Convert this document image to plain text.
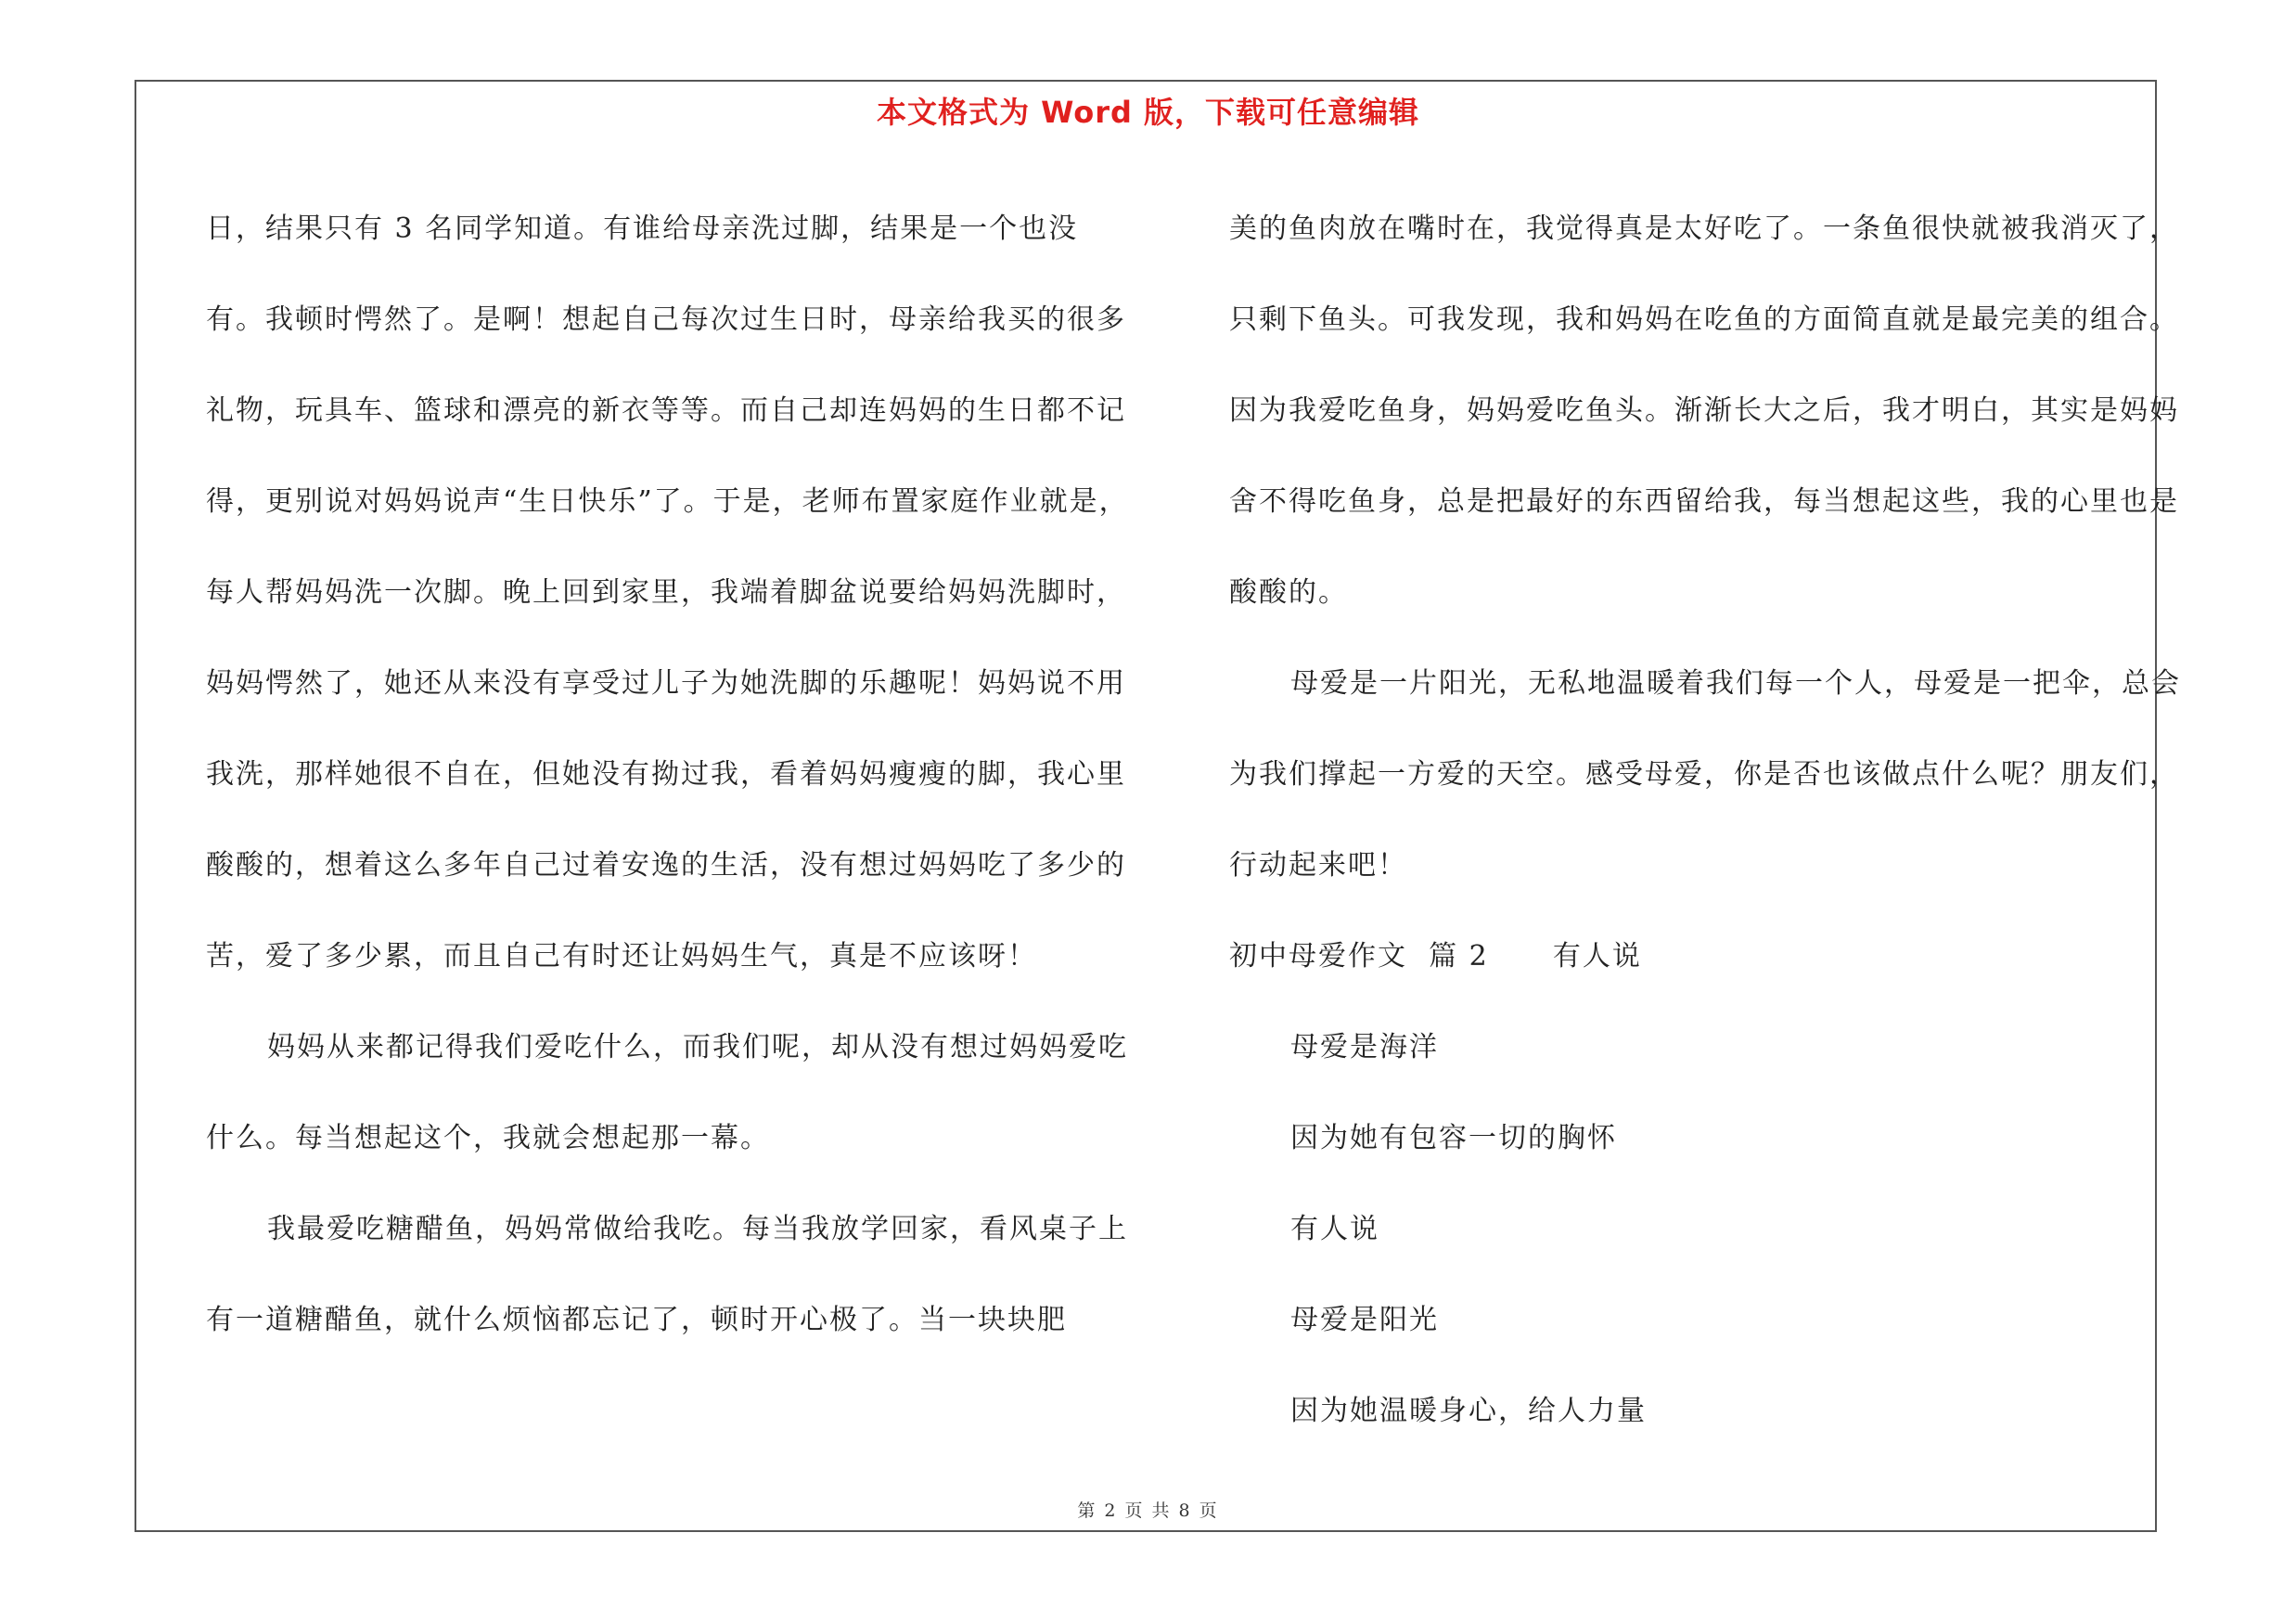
本文格式为 Word 版，下载可任意编辑

日，结果只有 3 名同学知道。有谁给母亲洗过脚，结果是一个也没有。我顿时愕然了。是啊！想起自己每次过生日时，母亲给我买的很多礼物，玩具车、篮球和漂亮的新衣等等。而自己却连妈妈的生日都不记得，更别说对妈妈说声“生日快乐”了。于是，老师布置家庭作业就是，每人帮妈妈洗一次脚。晚上回到家里，我端着脚盆说要给妈妈洗脚时，妈妈愕然了，她还从来没有享受过儿子为她洗脚的乐趣呢！妈妈说不用我洗，那样她很不自在，但她没有拗过我，看着妈妈瘦瘦的脚，我心里酸酸的，想着这么多年自己过着安逸的生活，没有想过妈妈吃了多少的苦，爱了多少累，而且自己有时还让妈妈生气，真是不应该呀！

妈妈从来都记得我们爱吃什么，而我们呢，却从没有想过妈妈爱吃什么。每当想起这个，我就会想起那一幕。

我最爱吃糖醋鱼，妈妈常做给我吃。每当我放学回家，看风桌子上有一道糖醋鱼，就什么烦恼都忘记了，顿时开心极了。当一块块肥

美的鱼肉放在嘴时在，我觉得真是太好吃了。一条鱼很快就被我消灭了，只剩下鱼头。可我发现，我和妈妈在吃鱼的方面简直就是最完美的组合。因为我爱吃鱼身，妈妈爱吃鱼头。渐渐长大之后，我才明白，其实是妈妈舍不得吃鱼身，总是把最好的东西留给我，每当想起这些，我的心里也是酸酸的。

母爱是一片阳光，无私地温暖着我们每一个人，母爱是一把伞，总会为我们撑起一方爱的天空。感受母爱，你是否也该做点什么呢？朋友们，行动起来吧！

初中母爱作文  篇 2      有人说

母爱是海洋

因为她有包容一切的胸怀

有人说

母爱是阳光

因为她温暖身心，给人力量

第 2 页 共 8 页
